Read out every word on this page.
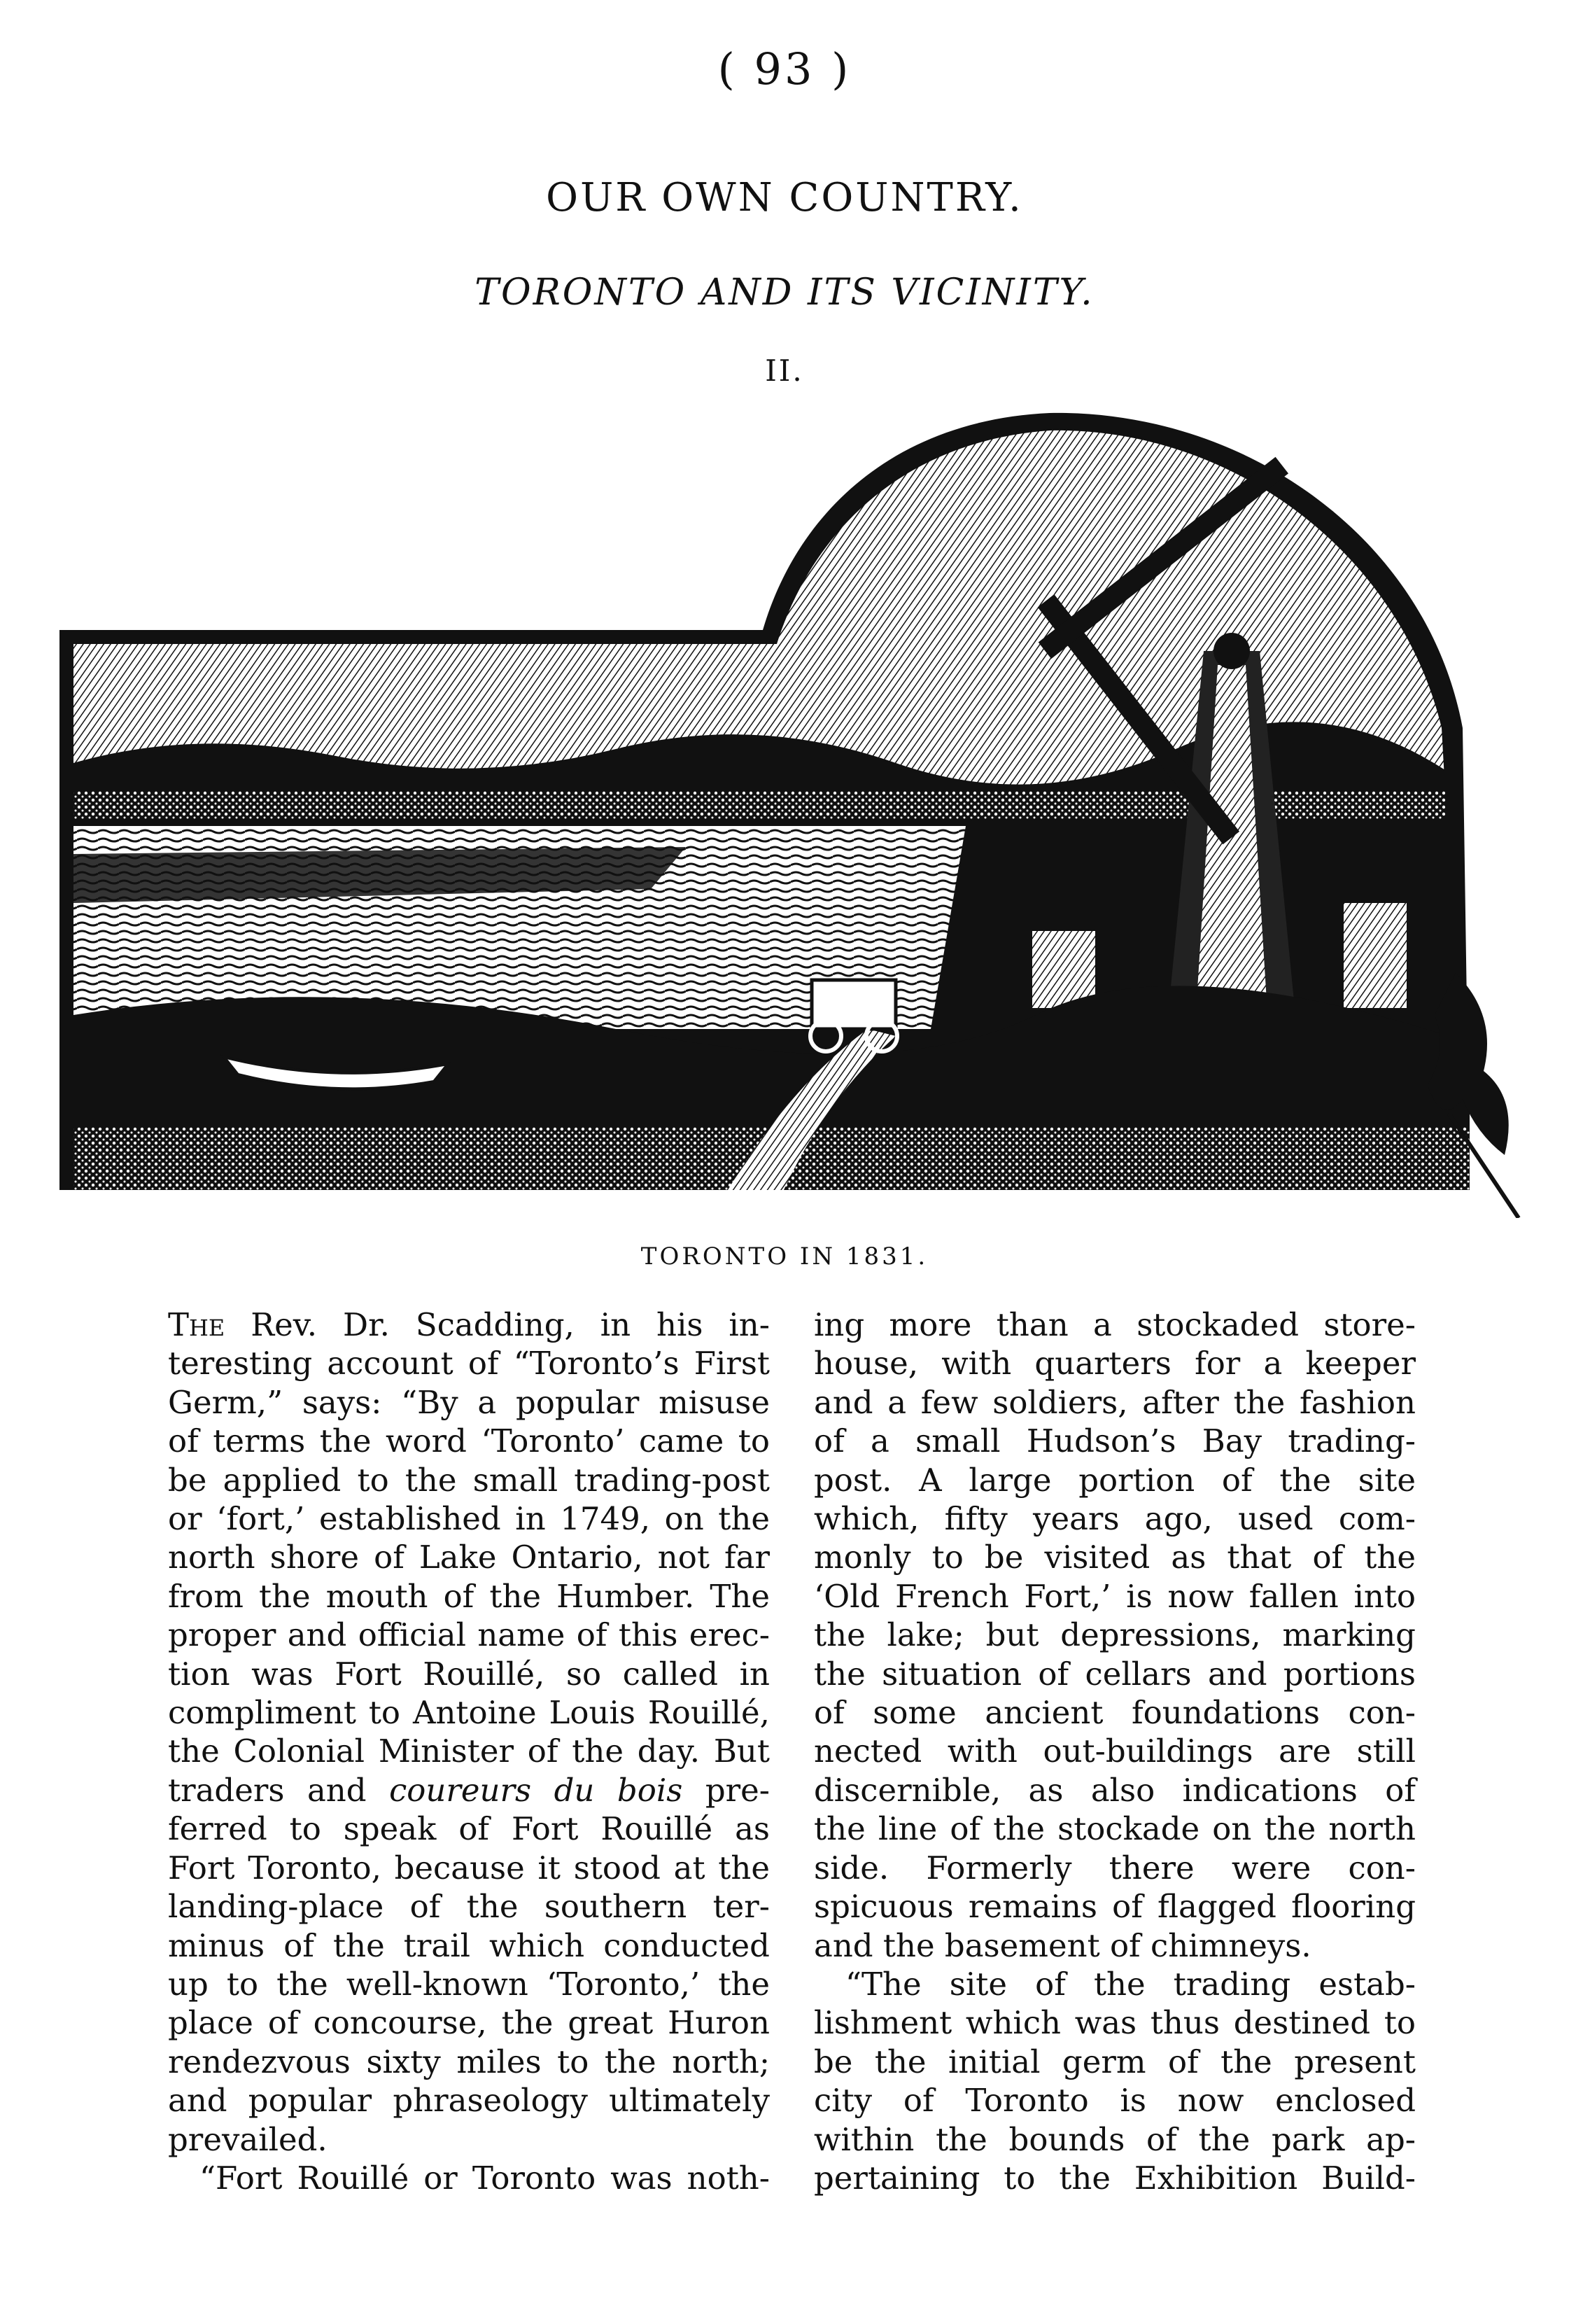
( 93 )
OUR OWN COUNTRY.
TORONTO AND ITS VICINITY.
II.
TORONTO IN 1831.
The Rev. Dr. Scadding, in his in-
teresting account of “Toronto’s First
Germ,” says: “By a popular misuse
of terms the word ‘Toronto’ came to
be applied to the small trading-post
or ‘fort,’ established in 1749, on the
north shore of Lake Ontario, not far
from the mouth of the Humber. The
proper and official name of this erec-
tion was Fort Rouillé, so called in
compliment to Antoine Louis Rouillé,
the Colonial Minister of the day. But
traders and coureurs du bois pre-
ferred to speak of Fort Rouillé as
Fort Toronto, because it stood at the
landing-place of the southern ter-
minus of the trail which conducted
up to the well-known ‘Toronto,’ the
place of concourse, the great Huron
rendezvous sixty miles to the north;
and popular phraseology ultimately
prevailed.
“Fort Rouillé or Toronto was noth-
ing more than a stockaded store-
house, with quarters for a keeper
and a few soldiers, after the fashion
of a small Hudson’s Bay trading-
post. A large portion of the site
which, fifty years ago, used com-
monly to be visited as that of the
‘Old French Fort,’ is now fallen into
the lake; but depressions, marking
the situation of cellars and portions
of some ancient foundations con-
nected with out-buildings are still
discernible, as also indications of
the line of the stockade on the north
side. Formerly there were con-
spicuous remains of flagged flooring
and the basement of chimneys.
“The site of the trading estab-
lishment which was thus destined to
be the initial germ of the present
city of Toronto is now enclosed
within the bounds of the park ap-
pertaining to the Exhibition Build-
